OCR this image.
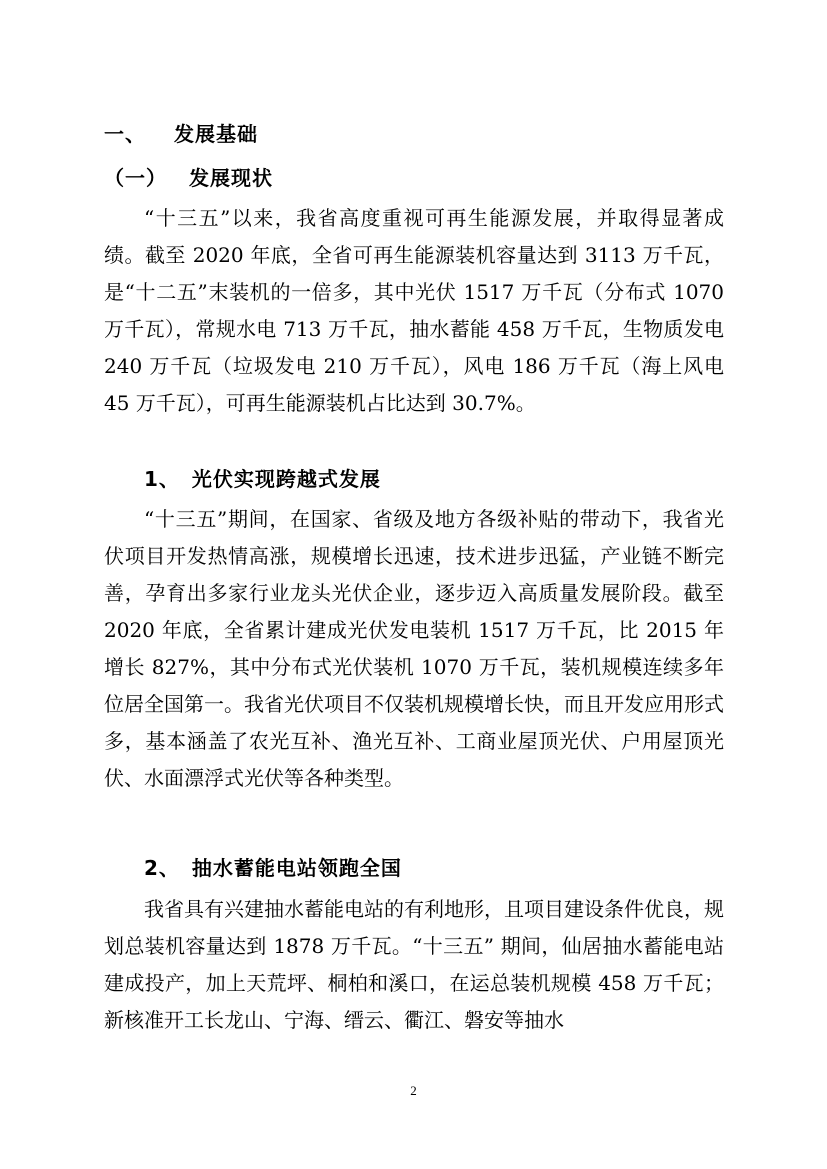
一、 发展基础
（一） 发展现状

“十三五”以来，我省高度重视可再生能源发展，并取得显著成绩。截至 2020 年底，全省可再生能源装机容量达到 3113 万千瓦，是“十二五”末装机的一倍多，其中光伏 1517 万千瓦（分布式 1070 万千瓦），常规水电 713 万千瓦，抽水蓄能 458 万千瓦，生物质发电 240 万千瓦（垃圾发电 210 万千瓦），风电 186 万千瓦（海上风电 45 万千瓦），可再生能源装机占比达到 30.7%。

1、 光伏实现跨越式发展

“十三五”期间，在国家、省级及地方各级补贴的带动下，我省光伏项目开发热情高涨，规模增长迅速，技术进步迅猛，产业链不断完善，孕育出多家行业龙头光伏企业，逐步迈入高质量发展阶段。截至 2020 年底，全省累计建成光伏发电装机 1517 万千瓦，比 2015 年增长 827%，其中分布式光伏装机 1070 万千瓦，装机规模连续多年位居全国第一。我省光伏项目不仅装机规模增长快，而且开发应用形式多，基本涵盖了农光互补、渔光互补、工商业屋顶光伏、户用屋顶光伏、水面漂浮式光伏等各种类型。

2、 抽水蓄能电站领跑全国

我省具有兴建抽水蓄能电站的有利地形，且项目建设条件优良，规划总装机容量达到 1878 万千瓦。“十三五” 期间，仙居抽水蓄能电站建成投产，加上天荒坪、桐柏和溪口，在运总装机规模 458 万千瓦；新核准开工长龙山、宁海、缙云、衢江、磐安等抽水

2
